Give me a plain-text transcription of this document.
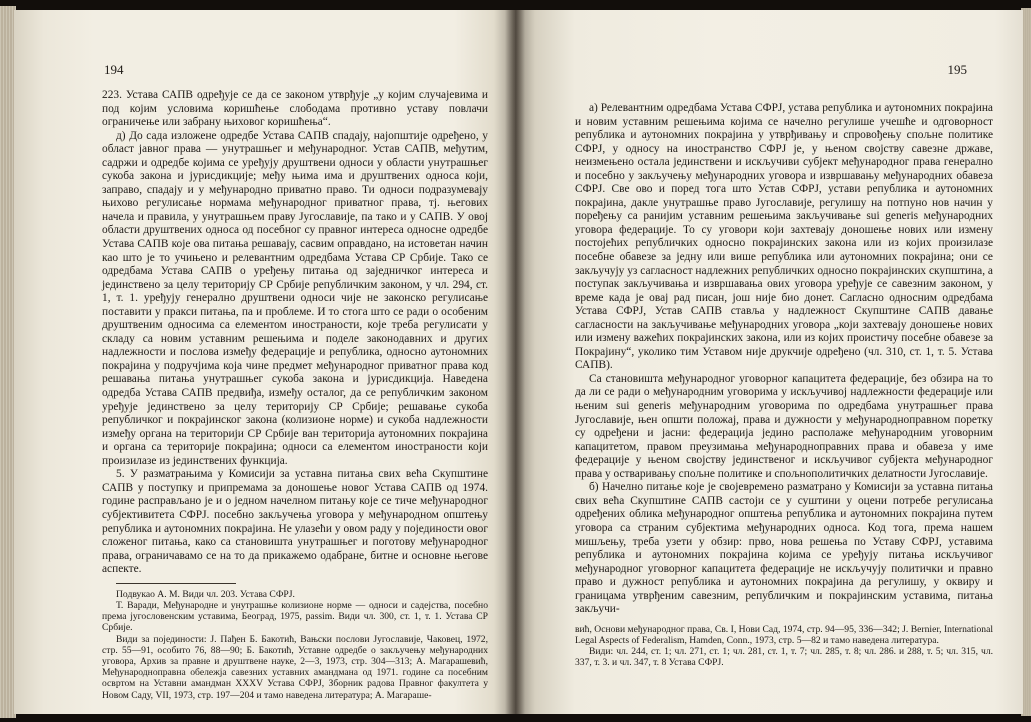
194

223. Устава САПВ одређује се да се законом утврђује „у којим случајевима и под којим условима коришћење слободама противно уставу повлачи ограничење или забрану њиховог коришћења“.

д) До сада изложене одредбе Устава САПВ спадају, најопштије одређено, у област јавног права — унутрашњег и међународног. Устав САПВ, међутим, садржи и одредбе којима се уређују друштвени односи у области унутрашњег сукоба закона и јурисдикције; међу њима има и друштвених односа који, заправо, спадају и у међународно приватно право. Ти односи подразумевају њихово регулисање нормама међународног приватног права, тј. његових начела и правила, у унутрашњем праву Југославије, па тако и у САПВ. У овој области друштвених односа од посебног су правног интереса односне одредбе Устава САПВ које ова питања решавају, сасвим оправдано, на истоветан начин као што је то учињено и релевантним одредбама Устава СР Србије. Тако се одредбама Устава САПВ о уређењу питања од заједничког интереса и јединствено за целу територију СР Србије републичким законом, у чл. 294, ст. 1, т. 1. уређују генерално друштвени односи чије не законско регулисање поставити у пракси питања, па и проблеме. И то стога што се ради о особеним друштвеним односима са елементом иностраности, које треба регулисати у складу са новим уставним решењима и поделе законодавних и других надлежности и послова између федерације и република, односно аутономних покрајина у подручјима која чине предмет међународног приватног права код решавања питања унутрашњег сукоба закона и јурисдикција. Наведена одредба Устава САПВ предвиђа, између осталог, да се републичким законом уређује јединствено за целу територију СР Србије; решавање сукоба републичког и покрајинског закона (колизионе норме) и сукоба надлежности између органа на територији СР Србије ван територија аутономних покрајина и органа са територије покрајина; односи са елементом иностраности који произилазе из јединствених функција.

5. У разматрањима у Комисији за уставна питања свих већа Скупштине САПВ у поступку и припремама за доношење новог Устава САПВ од 1974. године расправљано је и о једном начелном питању које се тиче међународног субјективитета СФРЈ. посебно закључења уговора у међународном општењу република и аутономних покрајина. Не улазећи у овом раду у појединости овог сложеног питања, како са становишта унутрашњег и поготову међународног права, ограничавамо се на то да прикажемо одабране, битне и основне његове аспекте.

Подвукао А. М. Види чл. 203. Устава СФРЈ.

Т. Варади, Међународне и унутрашње колизионе норме — односи и садејства, посебно према југословенским уставима, Београд, 1975, passim. Види чл. 300, ст. 1, т. 1. Устава СР Србије.

Види за појединости: Ј. Пађен Б. Бакотић, Вањски послови Југославије, Чаковец, 1972, стр. 55—91, особито 76, 88—90; Б. Бакотић, Уставне одредбе о закључењу међународних уговора, Архив за правне и друштвене науке, 2—3, 1973, стр. 304—313; А. Магарашевић, Међународноправна обележја савезних уставних амандмана од 1971. године са посебним освртом на Уставни амандман XXXV Устава СФРЈ, Зборник радова Правног факултета у Новом Саду, VII, 1973, стр. 197—204 и тамо наведена литература; А. Магараше-

195

а) Релевантним одредбама Устава СФРЈ, устава република и аутономних покрајина и новим уставним решењима којима се начелно регулише учешће и одговорност република и аутономних покрајина у утврђивању и спровођењу спољне политике СФРЈ, у односу на иностранство СФРЈ је, у њеном својству савезне државе, неизмењено остала јединствени и искључиви субјект међународног права генерално и посебно у закључењу међународних уговора и извршавању међународних обавеза СФРЈ. Све ово и поред тога што Устав СФРЈ, устави република и аутономних покрајина, дакле унутрашње право Југославије, регулишу на потпуно нов начин у поређењу са ранијим уставним решењима закључивање sui generis међународних уговора федерације. То су уговори који захтевају доношење нових или измену постојећих републичких односно покрајинских закона или из којих произилазе посебне обавезе за једну или више република или аутономних покрајина; они се закључују уз сагласност надлежних републичких односно покрајинских скупштина, а поступак закључивања и извршавања ових уговора уређује се савезним законом, у време када је овај рад писан, још није био донет. Сагласно односним одредбама Устава СФРЈ, Устав САПВ ставља у надлежност Скупштине САПВ давање сагласности на закључивање међународних уговора „који захтевају доношење нових или измену важећих покрајинских закона, или из којих проистичу посебне обавезе за Покрајину“, уколико тим Уставом није друкчије одређено (чл. 310, ст. 1, т. 5. Устава САПВ).

Са становишта међународног уговорног капацитета федерације, без обзира на то да ли се ради о међународним уговорима у искључивој надлежности федерације или њеним sui generis међународним уговорима по одредбама унутрашњег права Југославије, њен општи положај, права и дужности у међународноправном поретку су одређени и јасни: федерација једино располаже међународним уговорним капацитетом, правом преузимања међународноправних права и обавеза у име федерације у њеном својству јединственог и искључивог субјекта међународног права у остваривању спољне политике и спољнополитичких делатности Југославије.

б) Начелно питање које је својевремено разматрано у Комисији за уставна питања свих већа Скупштине САПВ састоји се у суштини у оцени потребе регулисања одређених облика међународног општења република и аутономних покрајина путем уговора са страним субјектима међународних односа. Код тога, према нашем мишљењу, треба узети у обзир: прво, нова решења по Уставу СФРЈ, уставима република и аутономних покрајина којима се уређују питања искључивог међународног уговорног капацитета федерације не искључују политички и правно право и дужност република и аутономних покрајина да регулишу, у оквиру и границама утврђеним савезним, републичким и покрајинским уставима, питања закључи-

вић, Основи међународног права, Св. I, Нови Сад, 1974, стр. 94—95, 336—342; J. Bernier, International Legal Aspects of Federalism, Hamden, Conn., 1973, стр. 5—82 и тамо наведена литература.

Види: чл. 244, ст. 1; чл. 271, ст. 1; чл. 281, ст. 1, т. 7; чл. 285, т. 8; чл. 286. и 288, т. 5; чл. 315, чл. 337, т. 3. и чл. 347, т. 8 Устава СФРЈ.
